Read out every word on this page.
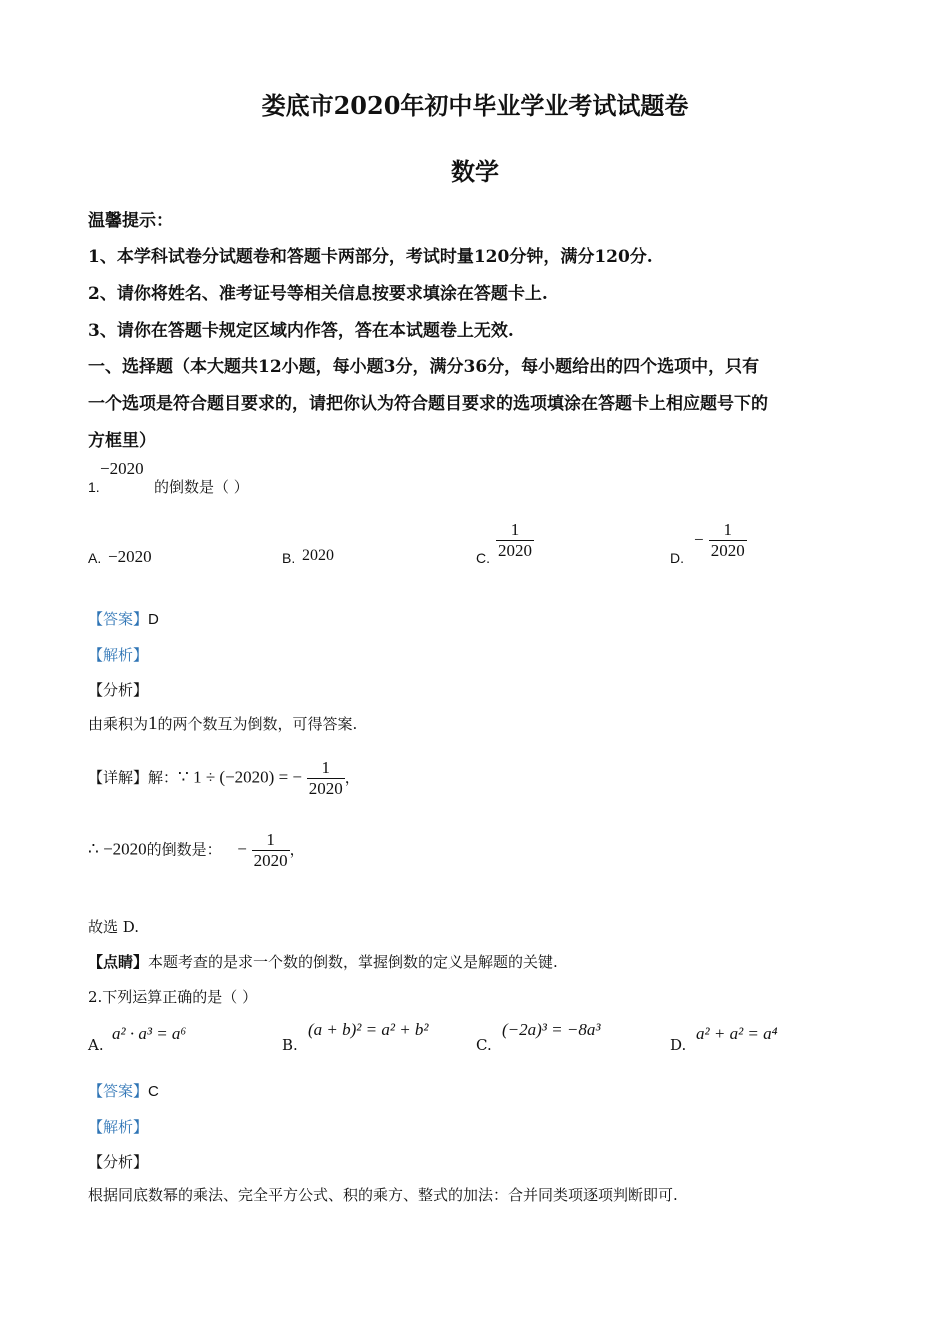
娄底市2020年初中毕业学业考试试题卷
数学
温馨提示：
1、本学科试卷分试题卷和答题卡两部分，考试时量120分钟，满分120分.
2、请你将姓名、准考证号等相关信息按要求填涂在答题卡上.
3、请你在答题卡规定区域内作答，答在本试题卷上无效.
一、选择题（本大题共12小题，每小题3分，满分36分，每小题给出的四个选项中，只有
一个选项是符合题目要求的，请把你认为符合题目要求的选项填涂在答题卡上相应题号下的
方框里）
1.
−2020
的倒数是（ ）
A. −2020	B. 2020	C. $\frac{1}{2020}$	D.
− $\frac{1}{2020}$
【答案】D
【解析】
【分析】
由乘积为1的两个数互为倒数，可得答案.
【详解】解：∵ 1 ÷ (−2020) = − $\frac{1}{2020}$ ，
∴ −2020的倒数是： − $\frac{1}{2020}$ ，
故选 D.
【点睛】本题考查的是求一个数的倒数，掌握倒数的定义是解题的关键.
2.下列运算正确的是（ ）
A.
a² · a³ = a⁶
B.
(a + b)² = a² + b²
C.
(−2a)³ = −8a³
D.
a² + a² = a⁴
【答案】C
【解析】
【分析】
根据同底数幂的乘法、完全平方公式、积的乘方、整式的加法：合并同类项逐项判断即可.
